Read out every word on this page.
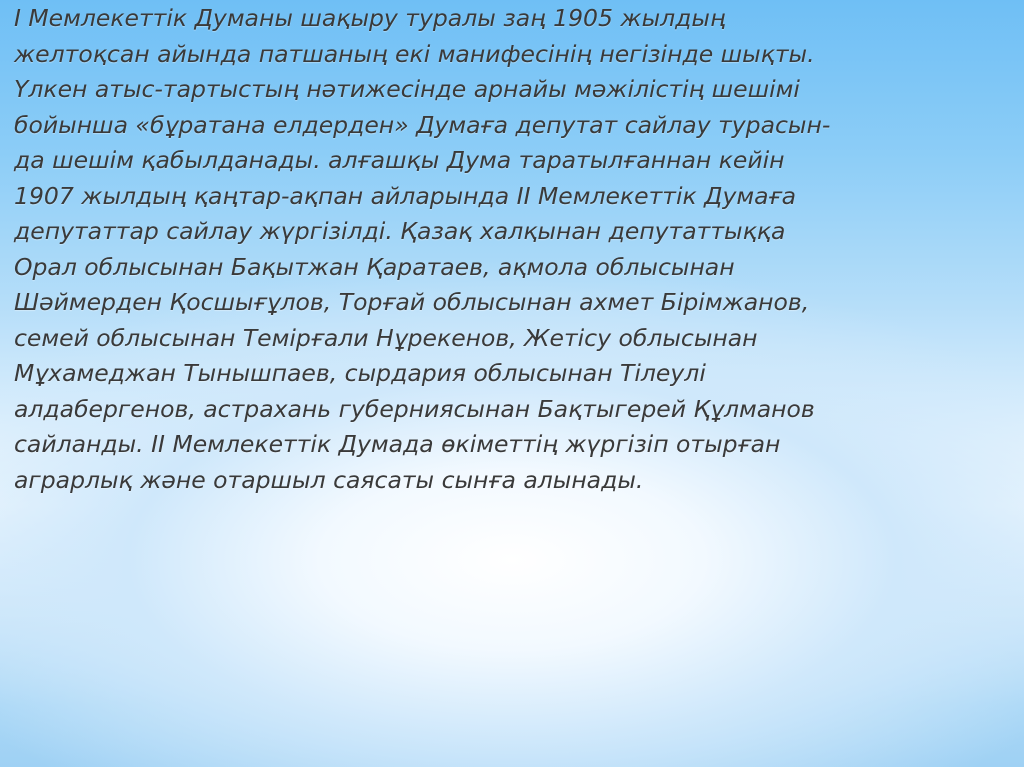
І Мемлекеттік Думаны шақыру туралы заң 1905 жылдың
желтоқсан айында патшаның екі манифесінің негізінде шықты.
Үлкен атыс-тартыстың нәтижесінде арнайы мәжілістің шешімі
бойынша «бұратана елдерден» Думаға депутат сайлау турасын-
да шешім қабылданады. алғашқы Дума таратылғаннан кейін
1907 жылдың қаңтар-ақпан айларында ІІ Мемлекеттік Думаға
депутаттар сайлау жүргізілді. Қазақ халқынан депутаттыққа
Орал облысынан Бақытжан Қаратаев, ақмола облысынан
Шәймерден Қосшығұлов, Торғай облысынан ахмет Бірімжанов,
семей облысынан Темірғали Нұрекенов, Жетісу облысынан
Мұхамеджан Тынышпаев, сырдария облысынан Тілеулі
алдабергенов, астрахань губерниясынан Бақтыгерей Құлманов
сайланды. ІІ Мемлекеттік Думада өкіметтің жүргізіп отырған
аграрлық және отаршыл саясаты сынға алынады.
